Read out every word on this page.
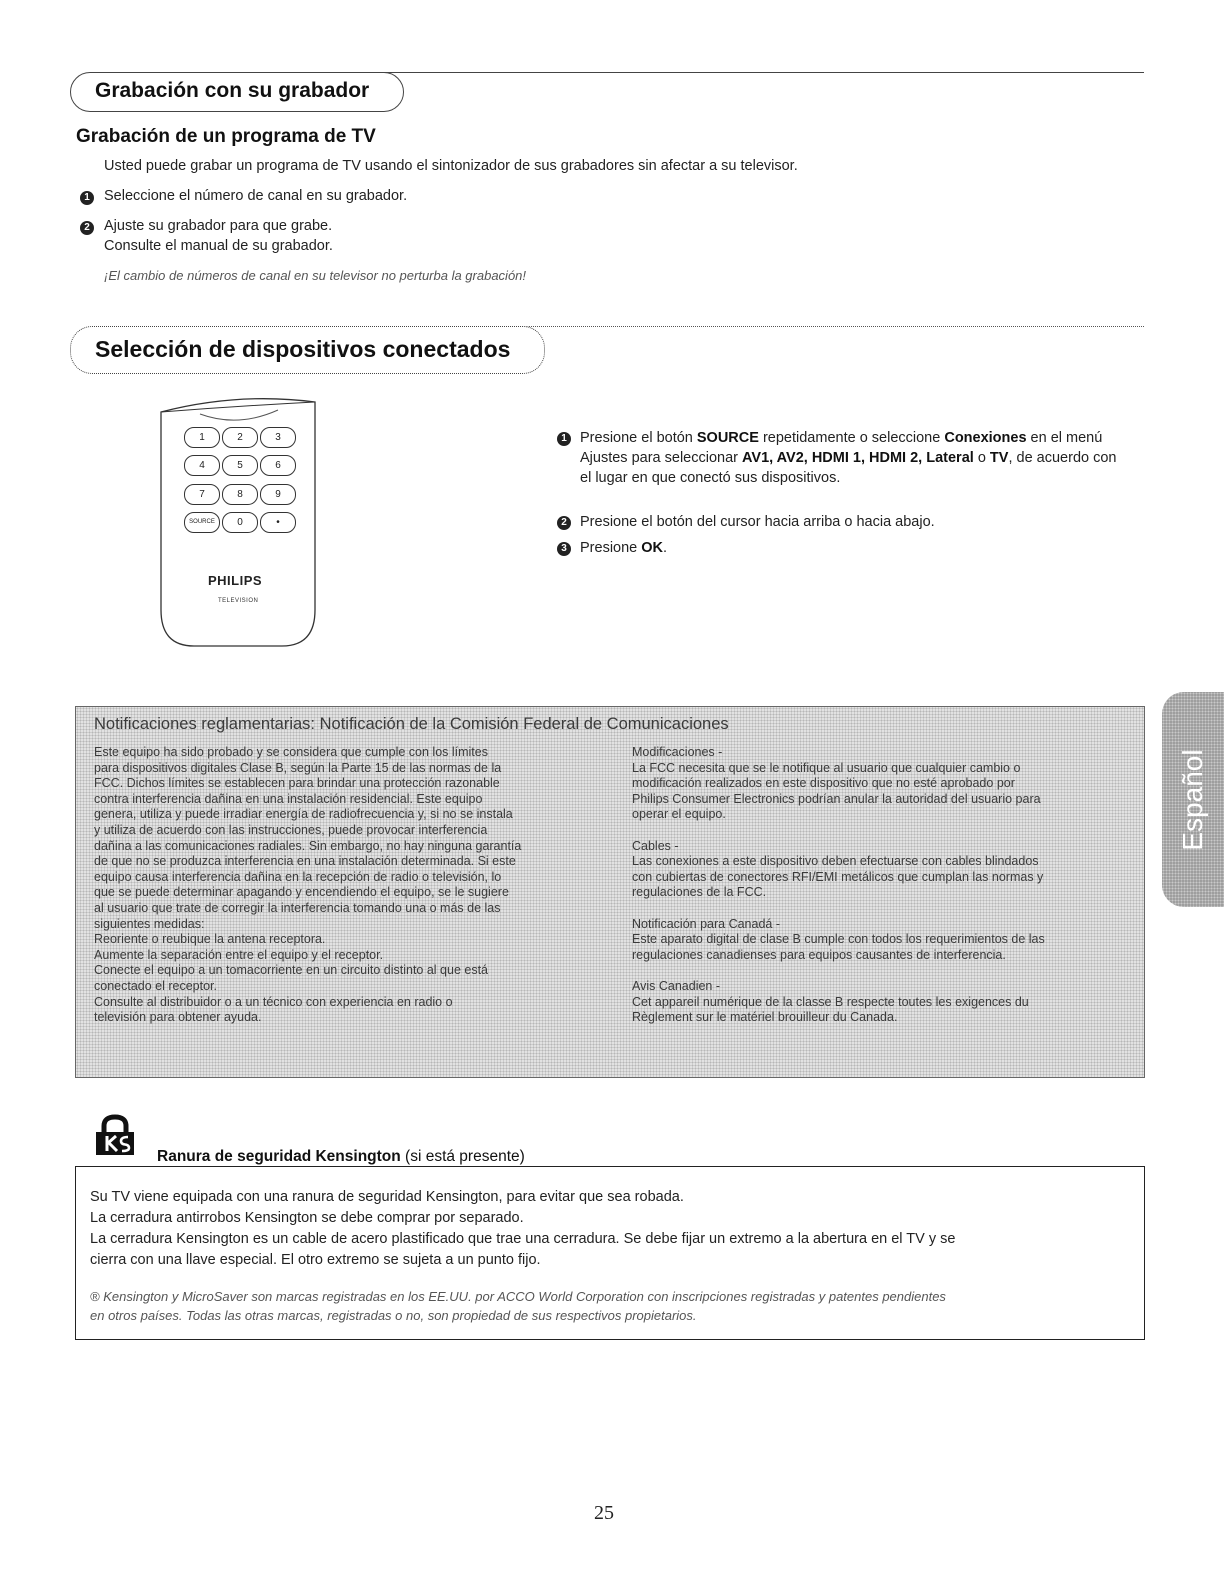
Grabación con su grabador
Grabación de un programa de TV
Usted puede grabar un programa de TV usando el sintonizador de sus grabadores sin afectar a su televisor.
1 Seleccione el número de canal en su grabador.
2 Ajuste su grabador para que grabe.
Consulte el manual de su grabador.
¡El cambio de números de canal en su televisor no perturba la grabación!
Selección de dispositivos conectados
1	2	3
4	5	6
7	8	9
SOURCE	0	•
PHILIPS
TELEVISION
1 Presione el botón SOURCE repetidamente o seleccione Conexiones en el menú Ajustes para seleccionar AV1, AV2, HDMI 1, HDMI 2, Lateral o TV, de acuerdo con el lugar en que conectó sus dispositivos.
2 Presione el botón del cursor hacia arriba o hacia abajo.
3 Presione OK.
Notificaciones reglamentarias: Notificación de la Comisión Federal de Comunicaciones
Este equipo ha sido probado y se considera que cumple con los límites
para dispositivos digitales Clase B, según la Parte 15 de las normas de la
FCC. Dichos límites se establecen para brindar una protección razonable
contra interferencia dañina en una instalación residencial. Este equipo
genera, utiliza y puede irradiar energía de radiofrecuencia y, si no se instala
y utiliza de acuerdo con las instrucciones, puede provocar interferencia
dañina a las comunicaciones radiales. Sin embargo, no hay ninguna garantía
de que no se produzca interferencia en una instalación determinada. Si este
equipo causa interferencia dañina en la recepción de radio o televisión, lo
que se puede determinar apagando y encendiendo el equipo, se le sugiere
al usuario que trate de corregir la interferencia tomando una o más de las
siguientes medidas:
Reoriente o reubique la antena receptora.
Aumente la separación entre el equipo y el receptor.
Conecte el equipo a un tomacorriente en un circuito distinto al que está
conectado el receptor.
Consulte al distribuidor o a un técnico con experiencia en radio o
televisión para obtener ayuda.
Modificaciones -
La FCC necesita que se le notifique al usuario que cualquier cambio o
modificación realizados en este dispositivo que no esté aprobado por
Philips Consumer Electronics podrían anular la autoridad del usuario para
operar el equipo.
Cables -
Las conexiones a este dispositivo deben efectuarse con cables blindados
con cubiertas de conectores RFI/EMI metálicos que cumplan las normas y
regulaciones de la FCC.
Notificación para Canadá -
Este aparato digital de clase B cumple con todos los requerimientos de las
regulaciones canadienses para equipos causantes de interferencia.
Avis Canadien -
Cet appareil numérique de la classe B respecte toutes les exigences du
Règlement sur le matériel brouilleur du Canada.
Español
Ranura de seguridad Kensington (si está presente)
Su TV viene equipada con una ranura de seguridad Kensington, para evitar que sea robada.
La cerradura antirrobos Kensington se debe comprar por separado.
La cerradura Kensington es un cable de acero plastificado que trae una cerradura. Se debe fijar un extremo a la abertura en el TV y se
cierra con una llave especial. El otro extremo se sujeta a un punto fijo.
® Kensington y MicroSaver son marcas registradas en los EE.UU. por ACCO World Corporation con inscripciones registradas y patentes pendientes
en otros países. Todas las otras marcas, registradas o no, son propiedad de sus respectivos propietarios.
25
